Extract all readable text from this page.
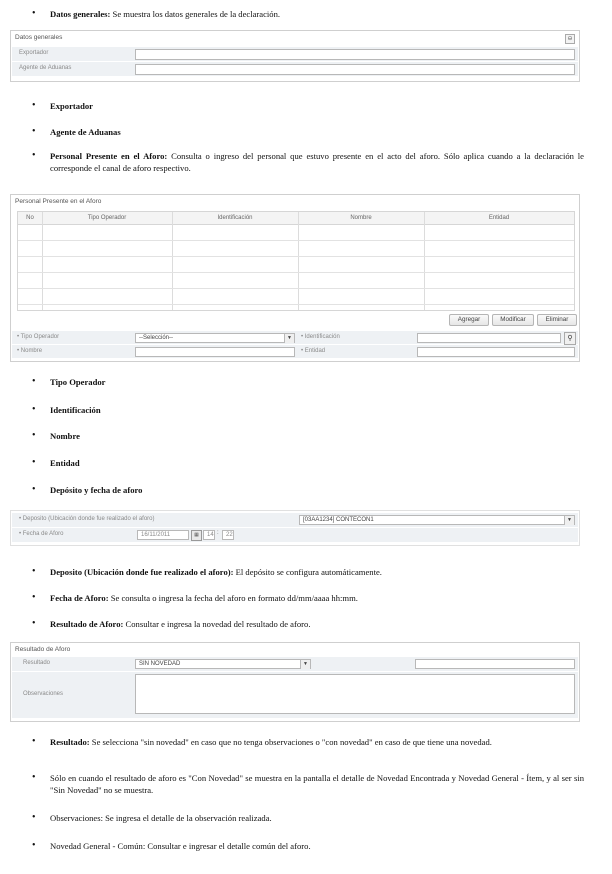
• Datos generales: Se muestra los datos generales de la declaración.
Datos generales	⊖
Exportador
Agente de Aduanas
• Exportador
• Agente de Aduanas
• Personal Presente en el Aforo: Consulta o ingreso del personal que estuvo presente en el acto del aforo. Sólo aplica cuando a la declaración le corresponde el canal de aforo respectivo.
Personal Presente en el Aforo
No	Tipo Operador	Identificación	Nombre	Entidad
Agregar	Modificar	Eliminar
• Tipo Operador	--Selección--	▼	• Identificación	⚲
• Nombre	• Entidad
• Tipo Operador
• Identificación
• Nombre
• Entidad
• Depósito y fecha de aforo
• Deposito (Ubicación donde fue realizado el aforo)	[03AA1234] CONTECON1	▼
• Fecha de Aforo	16/11/2011	▦	14 :	22
• Deposito (Ubicación donde fue realizado el aforo): El depósito se configura automáticamente.
• Fecha de Aforo: Se consulta o ingresa la fecha del aforo en formato dd/mm/aaaa hh:mm.
• Resultado de Aforo: Consultar e ingresa la novedad del resultado de aforo.
Resultado de Aforo
Resultado	SIN NOVEDAD	▼
Observaciones
• Resultado: Se selecciona "sin novedad" en caso que no tenga observaciones o "con novedad" en caso de que tiene una novedad.
• Sólo en cuando el resultado de aforo es "Con Novedad" se muestra en la pantalla el detalle de Novedad Encontrada y Novedad General - Ítem, y al ser sin "Sin Novedad" no se muestra.
• Observaciones: Se ingresa el detalle de la observación realizada.
• Novedad General - Común: Consultar e ingresar el detalle común del aforo.
